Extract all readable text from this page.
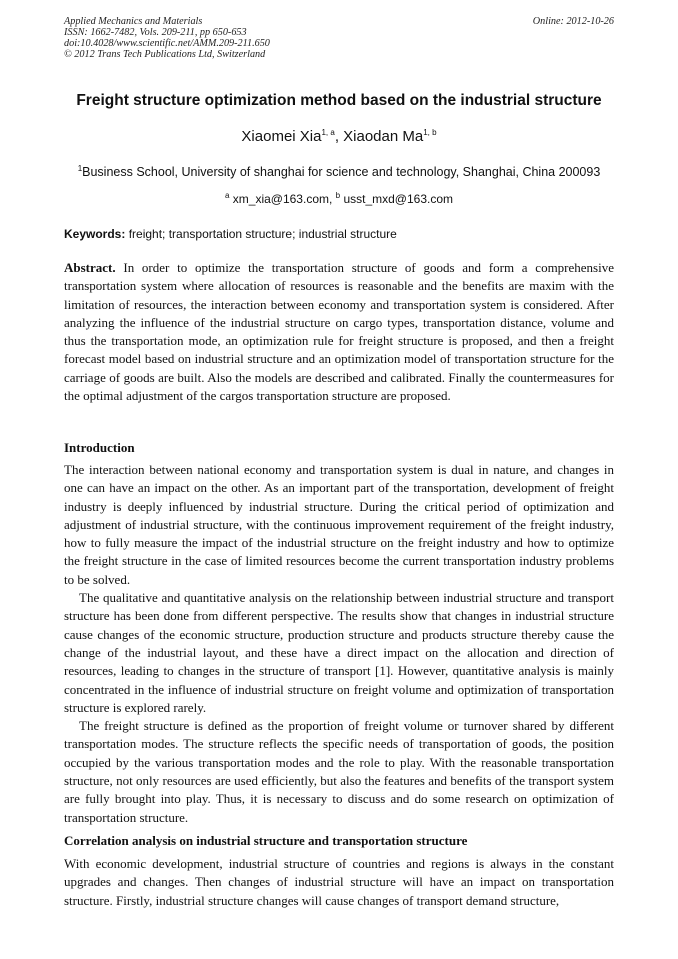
Applied Mechanics and Materials
ISSN: 1662-7482, Vols. 209-211, pp 650-653
doi:10.4028/www.scientific.net/AMM.209-211.650
© 2012 Trans Tech Publications Ltd, Switzerland
Online: 2012-10-26
Freight structure optimization method based on the industrial structure
Xiaomei Xia$^{1, a}$, Xiaodan Ma$^{1, b}$
$^1$Business School, University of shanghai for science and technology, Shanghai, China 200093
$^a$ xm_xia@163.com, $^b$ usst_mxd@163.com
Keywords: freight; transportation structure; industrial structure

Abstract. In order to optimize the transportation structure of goods and form a comprehensive transportation system where allocation of resources is reasonable and the benefits are maxim with the limitation of resources, the interaction between economy and transportation system is considered. After analyzing the influence of the industrial structure on cargo types, transportation distance, volume and thus the transportation mode, an optimization rule for freight structure is proposed, and then a freight forecast model based on industrial structure and an optimization model of transportation structure for the carriage of goods are built. Also the models are described and calibrated. Finally the countermeasures for the optimal adjustment of the cargos transportation structure are proposed.

Introduction

The interaction between national economy and transportation system is dual in nature, and changes in one can have an impact on the other. As an important part of the transportation, development of freight industry is deeply influenced by industrial structure. During the critical period of optimization and adjustment of industrial structure, with the continuous improvement requirement of the freight industry, how to fully measure the impact of the industrial structure on the freight industry and how to optimize the freight structure in the case of limited resources become the current transportation industry problems to be solved.

The qualitative and quantitative analysis on the relationship between industrial structure and transport structure has been done from different perspective. The results show that changes in industrial structure cause changes of the economic structure, production structure and products structure thereby cause the change of the industrial layout, and these have a direct impact on the allocation and direction of resources, leading to changes in the structure of transport [1]. However, quantitative analysis is mainly concentrated in the influence of industrial structure on freight volume and optimization of transportation structure is explored rarely.

The freight structure is defined as the proportion of freight volume or turnover shared by different transportation modes. The structure reflects the specific needs of transportation of goods, the position occupied by the various transportation modes and the role to play. With the reasonable transportation structure, not only resources are used efficiently, but also the features and benefits of the transport system are fully brought into play. Thus, it is necessary to discuss and do some research on optimization of transportation structure.

Correlation analysis on industrial structure and transportation structure

With economic development, industrial structure of countries and regions is always in the constant upgrades and changes. Then changes of industrial structure will have an impact on transportation structure. Firstly, industrial structure changes will cause changes of transport demand structure,
